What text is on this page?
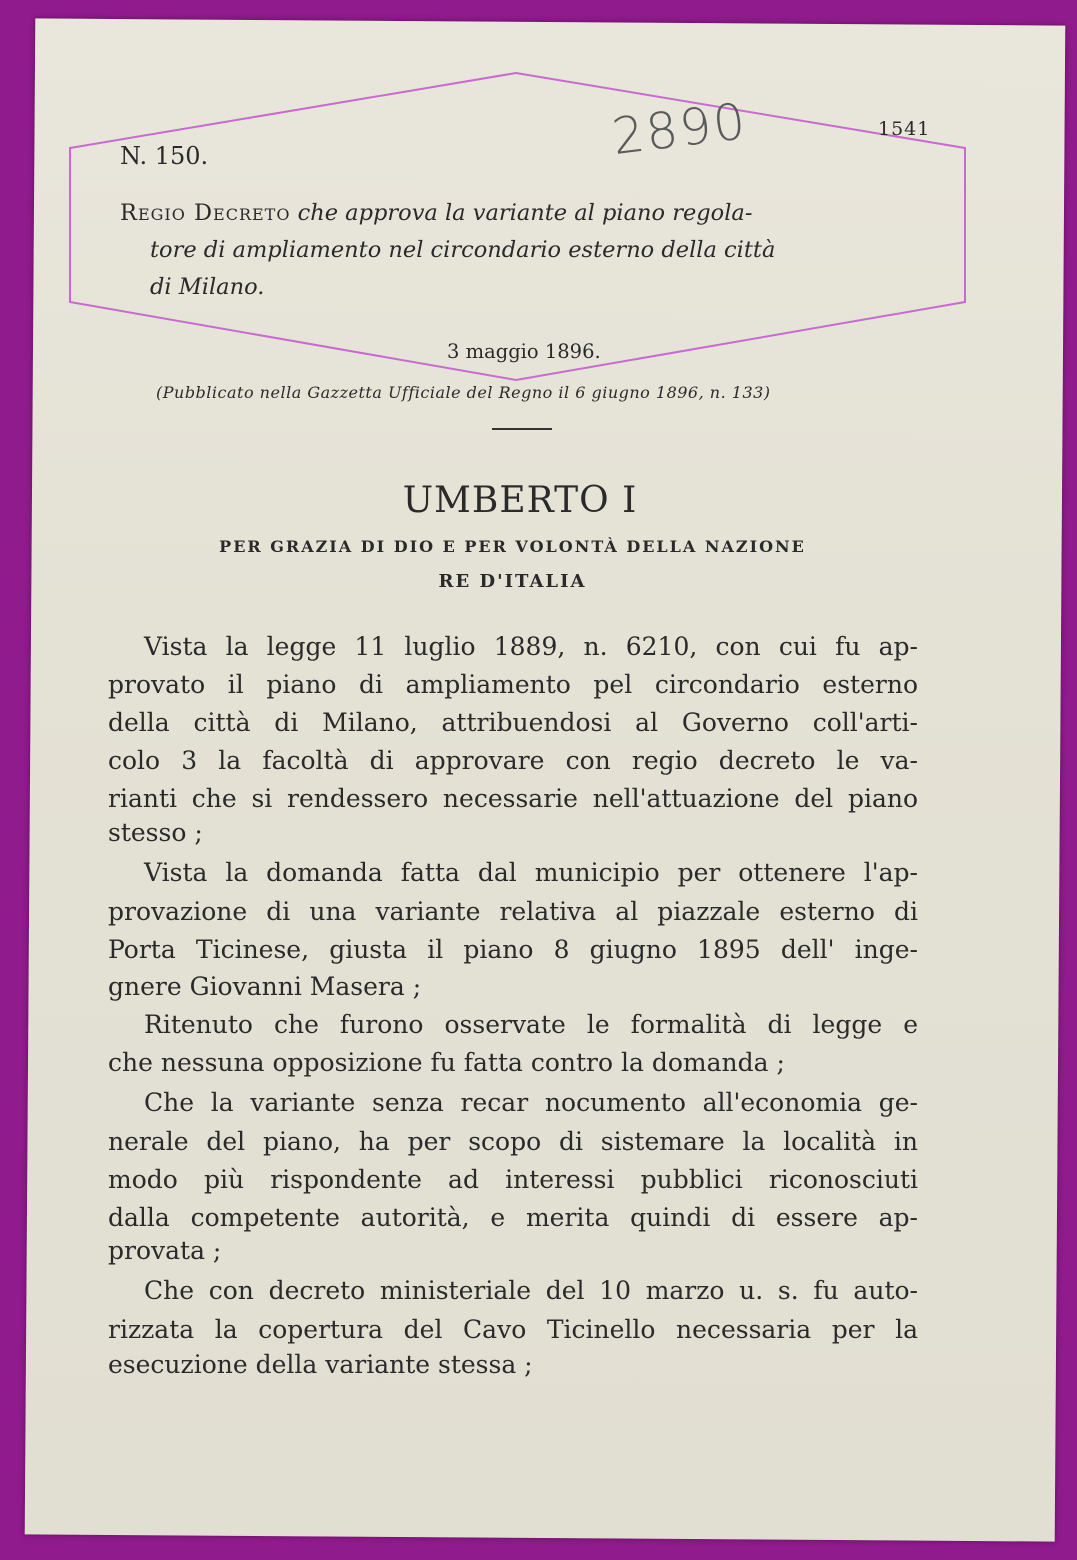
2890	1541
N. 150.
Regio Decreto che approva la variante al piano regola-
tore di ampliamento nel circondario esterno della città
di Milano.
3 maggio 1896.
(Pubblicato nella Gazzetta Ufficiale del Regno il 6 giugno 1896, n. 133)
UMBERTO I
PER GRAZIA DI DIO E PER VOLONTÀ DELLA NAZIONE
RE D'ITALIA
Vista la legge 11 luglio 1889, n. 6210, con cui fu ap-
provato il piano di ampliamento pel circondario esterno
della città di Milano, attribuendosi al Governo coll'arti-
colo 3 la facoltà di approvare con regio decreto le va-
rianti che si rendessero necessarie nell'attuazione del piano
stesso ;
Vista la domanda fatta dal municipio per ottenere l'ap-
provazione di una variante relativa al piazzale esterno di
Porta Ticinese, giusta il piano 8 giugno 1895 dell' inge-
gnere Giovanni Masera ;
Ritenuto che furono osservate le formalità di legge e
che nessuna opposizione fu fatta contro la domanda ;
Che la variante senza recar nocumento all'economia ge-
nerale del piano, ha per scopo di sistemare la località in
modo più rispondente ad interessi pubblici riconosciuti
dalla competente autorità, e merita quindi di essere ap-
provata ;
Che con decreto ministeriale del 10 marzo u. s. fu auto-
rizzata la copertura del Cavo Ticinello necessaria per la
esecuzione della variante stessa ;
